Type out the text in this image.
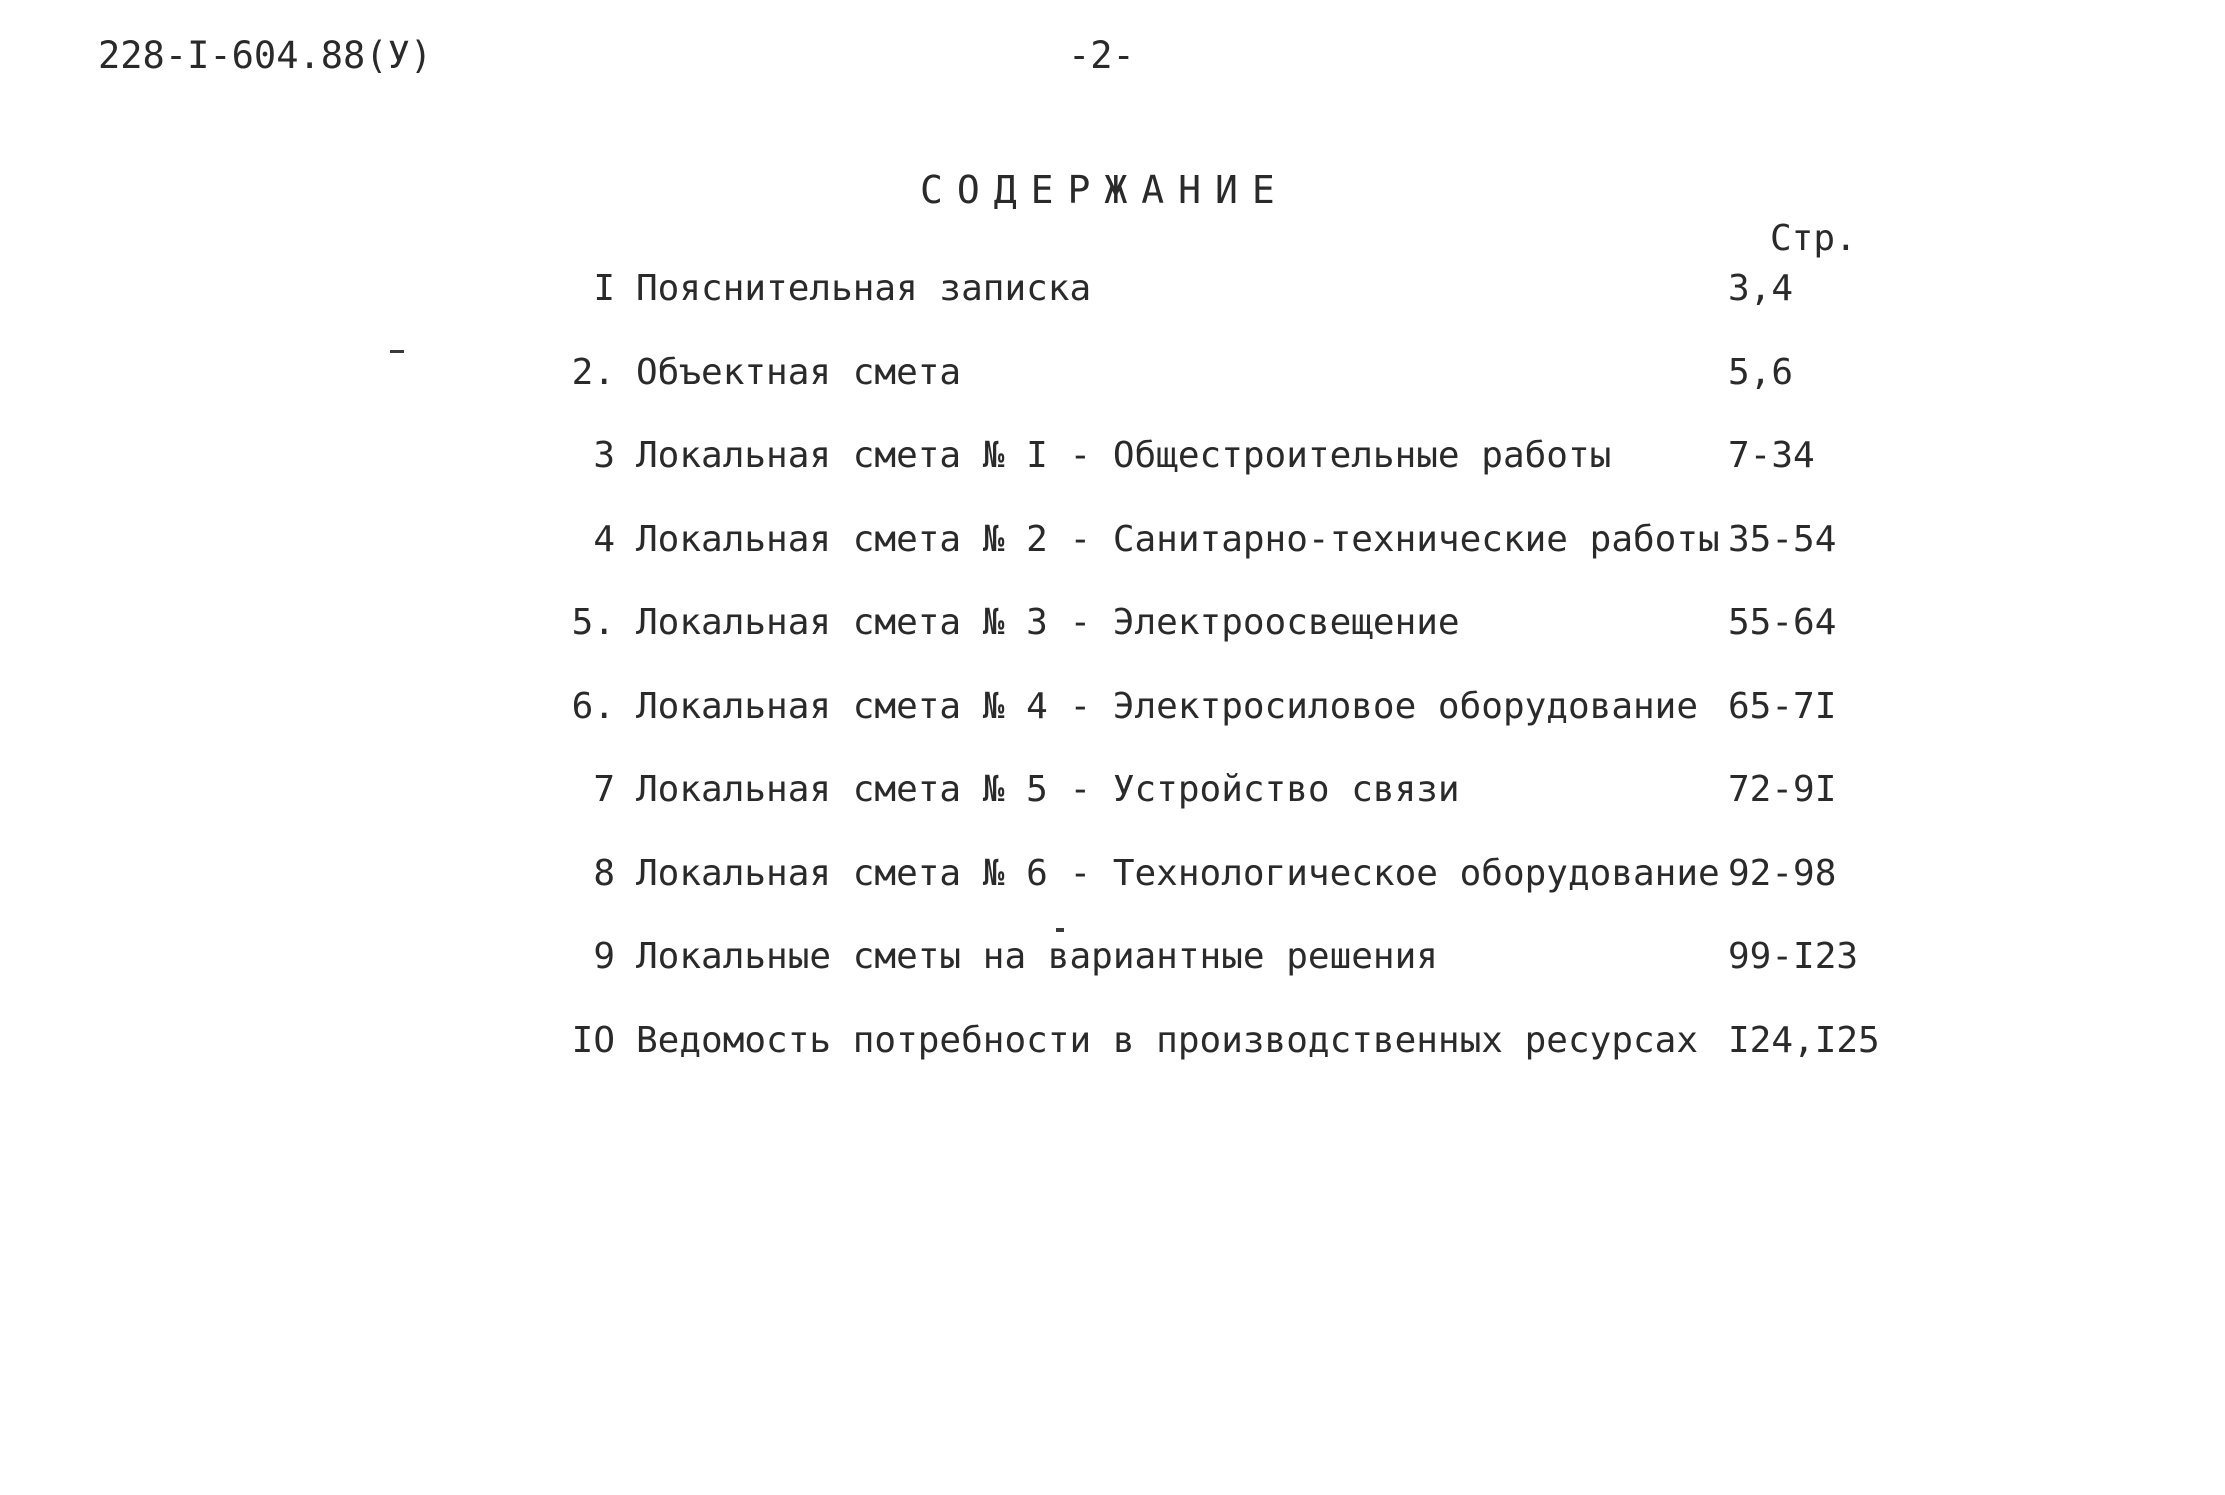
228-I-604.88(У)	-2-
СОДЕРЖАНИЕ
Стр.
I Пояснительная записка	3,4
2. Объектная смета	5,6
3 Локальная смета № I - Общестроительные работы	7-34
4 Локальная смета № 2 - Санитарно-технические работы 35-54
5. Локальная смета № 3 - Электроосвещение	55-64
6. Локальная смета № 4 - Электросиловое оборудование 65-7I
7 Локальная смета № 5 - Устройство связи	72-9I
8 Локальная смета № 6 - Технологическое оборудование 92-98
9 Локальные сметы на вариантные решения	99-I23
IO Ведомость потребности в производственных ресурсах I24,I25
